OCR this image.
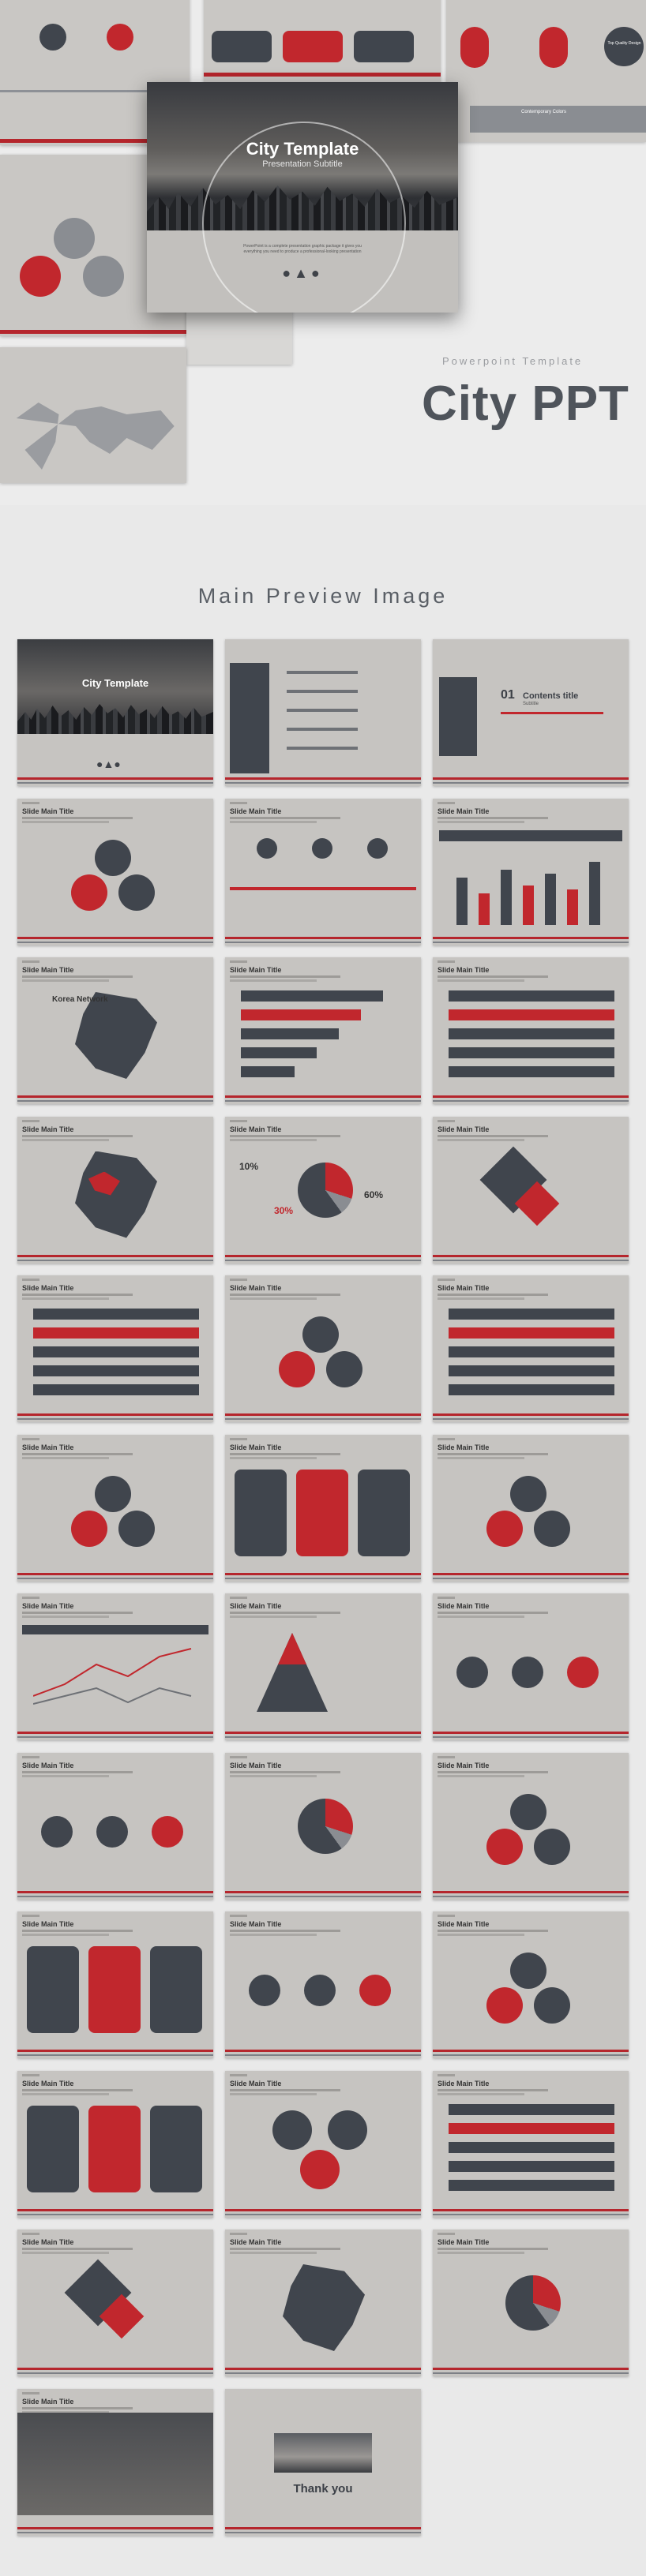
Contemporary Colors
Top Quality Design
City Template
Presentation Subtitle
PowerPoint is a complete presentation graphic package it gives you everything you need to produce a professional-looking presentation
●▲●
Powerpoint Template
City PPT
Main Preview Image
City Template
●▲●
01 Contents title
Subtitle
Slide Main Title	Slide Main Title	Slide Main Title
Slide Main Title
Korea Network
Slide Main Title	Slide Main Title
Slide Main Title	Slide Main Title
10%
30%
60%
Slide Main Title
Slide Main Title	Slide Main Title	Slide Main Title
Slide Main Title	Slide Main Title	Slide Main Title
Slide Main Title	Slide Main Title	Slide Main Title
Slide Main Title	Slide Main Title	Slide Main Title
Slide Main Title	Slide Main Title	Slide Main Title
Slide Main Title	Slide Main Title	Slide Main Title
Slide Main Title	Slide Main Title	Slide Main Title
Slide Main Title
Thank you
